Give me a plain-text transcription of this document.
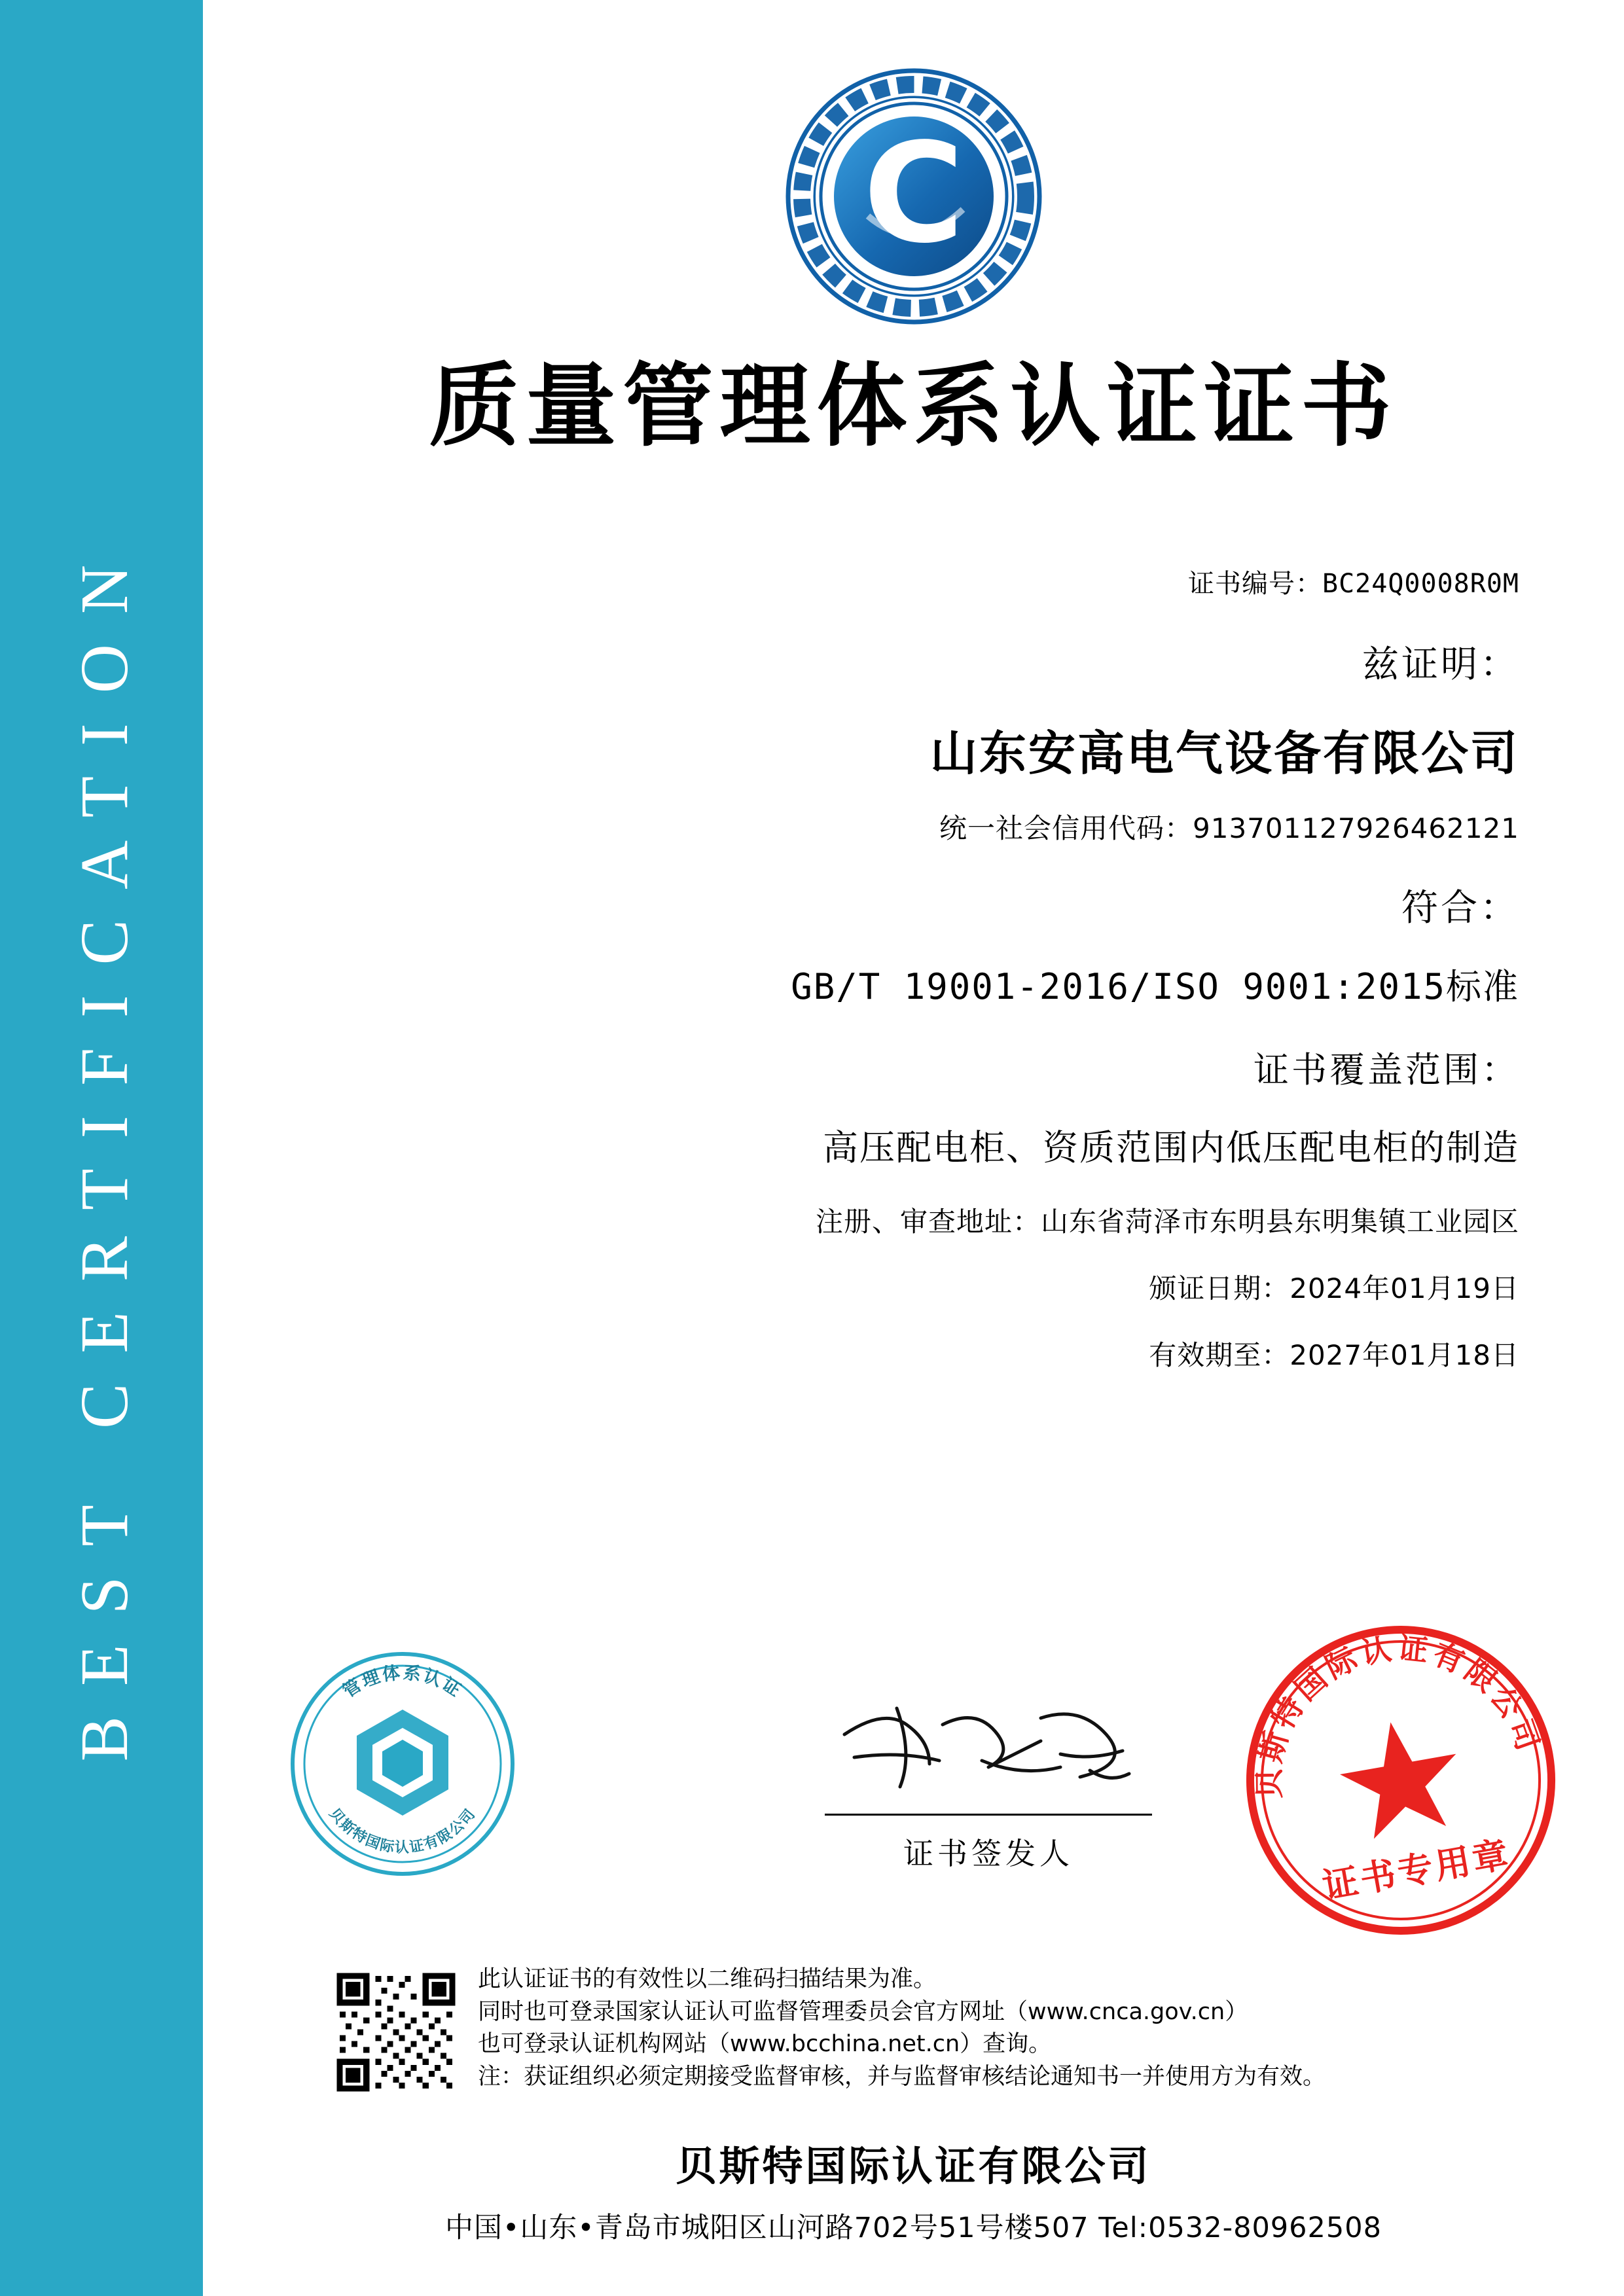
BEST CERTIFICATION
C
质量管理体系认证证书
证书编号：BC24Q0008R0M
兹证明：
山东安高电气设备有限公司
统一社会信用代码：913701127926462121
符合：
GB/T 19001-2016/ISO 9001:2015标准
证书覆盖范围：
高压配电柜、资质范围内低压配电柜的制造
注册、审查地址：山东省菏泽市东明县东明集镇工业园区
颁证日期：2024年01月19日
有效期至：2027年01月18日
管理体系认证
贝斯特国际认证有限公司
证书签发人
贝斯特国际认证有限公司
证书专用章
此认证证书的有效性以二维码扫描结果为准。
同时也可登录国家认证认可监督管理委员会官方网址（www.cnca.gov.cn）
也可登录认证机构网站（www.bcchina.net.cn）查询。
注：获证组织必须定期接受监督审核，并与监督审核结论通知书一并使用方为有效。
贝斯特国际认证有限公司
中国•山东•青岛市城阳区山河路702号51号楼507 Tel:0532-80962508
